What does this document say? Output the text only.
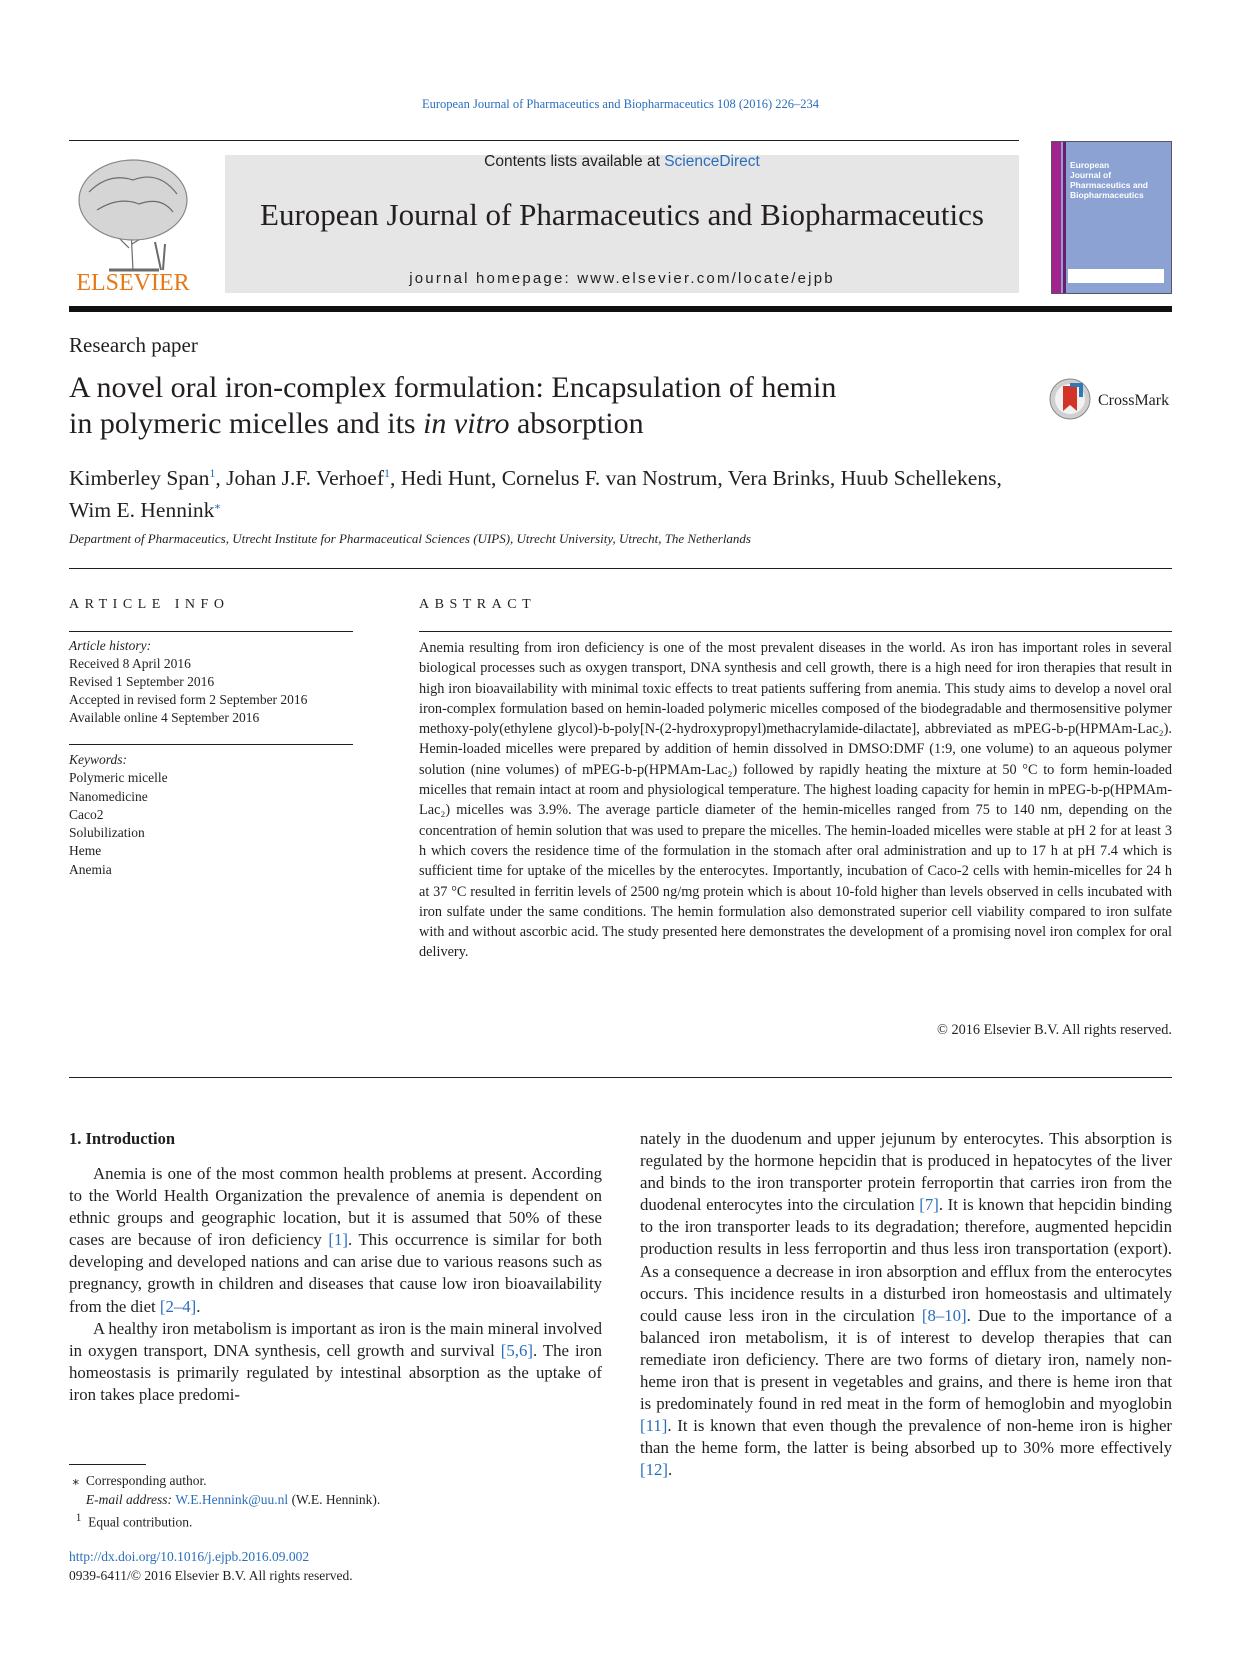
European Journal of Pharmaceutics and Biopharmaceutics 108 (2016) 226–234
ELSEVIER
Contents lists available at ScienceDirect
European Journal of Pharmaceutics and Biopharmaceutics
journal homepage: www.elsevier.com/locate/ejpb
European
Journal of
Pharmaceutics and
Biopharmaceutics
Research paper
A novel oral iron-complex formulation: Encapsulation of hemin
in polymeric micelles and its in vitro absorption
CrossMark
Kimberley Span$^1$, Johan J.F. Verhoef$^1$, Hedi Hunt, Cornelus F. van Nostrum, Vera Brinks, Huub Schellekens,
Wim E. Hennink⁎
Department of Pharmaceutics, Utrecht Institute for Pharmaceutical Sciences (UIPS), Utrecht University, Utrecht, The Netherlands
ARTICLE INFO
Article history:
Received 8 April 2016
Revised 1 September 2016
Accepted in revised form 2 September 2016
Available online 4 September 2016
Keywords:
Polymeric micelle
Nanomedicine
Caco2
Solubilization
Heme
Anemia
ABSTRACT
Anemia resulting from iron deficiency is one of the most prevalent diseases in the world. As iron has important roles in several biological processes such as oxygen transport, DNA synthesis and cell growth, there is a high need for iron therapies that result in high iron bioavailability with minimal toxic effects to treat patients suffering from anemia. This study aims to develop a novel oral iron-complex formulation based on hemin-loaded polymeric micelles composed of the biodegradable and thermosensitive polymer methoxy-poly(ethylene glycol)-b-poly[N-(2-hydroxypropyl)methacrylamide-dilactate], abbreviated as mPEG-b-p(HPMAm-Lac₂). Hemin-loaded micelles were prepared by addition of hemin dissolved in DMSO:DMF (1:9, one volume) to an aqueous polymer solution (nine volumes) of mPEG-b-p(HPMAm-Lac₂) followed by rapidly heating the mixture at 50 °C to form hemin-loaded micelles that remain intact at room and physiological temperature. The highest loading capacity for hemin in mPEG-b-p(HPMAm-Lac₂) micelles was 3.9%. The average particle diameter of the hemin-micelles ranged from 75 to 140 nm, depending on the concentration of hemin solution that was used to prepare the micelles. The hemin-loaded micelles were stable at pH 2 for at least 3 h which covers the residence time of the formulation in the stomach after oral administration and up to 17 h at pH 7.4 which is sufficient time for uptake of the micelles by the enterocytes. Importantly, incubation of Caco-2 cells with hemin-micelles for 24 h at 37 °C resulted in ferritin levels of 2500 ng/mg protein which is about 10-fold higher than levels observed in cells incubated with iron sulfate under the same conditions. The hemin formulation also demonstrated superior cell viability compared to iron sulfate with and without ascorbic acid. The study presented here demonstrates the development of a promising novel iron complex for oral delivery.
© 2016 Elsevier B.V. All rights reserved.
1. Introduction

Anemia is one of the most common health problems at present. According to the World Health Organization the prevalence of anemia is dependent on ethnic groups and geographic location, but it is assumed that 50% of these cases are because of iron deficiency [1]. This occurrence is similar for both developing and developed nations and can arise due to various reasons such as pregnancy, growth in children and diseases that cause low iron bioavailability from the diet [2–4].

A healthy iron metabolism is important as iron is the main mineral involved in oxygen transport, DNA synthesis, cell growth and survival [5,6]. The iron homeostasis is primarily regulated by intestinal absorption as the uptake of iron takes place predomi-

nately in the duodenum and upper jejunum by enterocytes. This absorption is regulated by the hormone hepcidin that is produced in hepatocytes of the liver and binds to the iron transporter protein ferroportin that carries iron from the duodenal enterocytes into the circulation [7]. It is known that hepcidin binding to the iron transporter leads to its degradation; therefore, augmented hepcidin production results in less ferroportin and thus less iron transportation (export). As a consequence a decrease in iron absorption and efflux from the enterocytes occurs. This incidence results in a disturbed iron homeostasis and ultimately could cause less iron in the circulation [8–10]. Due to the importance of a balanced iron metabolism, it is of interest to develop therapies that can remediate iron deficiency. There are two forms of dietary iron, namely non-heme iron that is present in vegetables and grains, and there is heme iron that is predominately found in red meat in the form of hemoglobin and myoglobin [11]. It is known that even though the prevalence of non-heme iron is higher than the heme form, the latter is being absorbed up to 30% more effectively [12].

⁎ Corresponding author.
E-mail address: W.E.Hennink@uu.nl (W.E. Hennink).
$^1$ Equal contribution.
http://dx.doi.org/10.1016/j.ejpb.2016.09.002
0939-6411/© 2016 Elsevier B.V. All rights reserved.
